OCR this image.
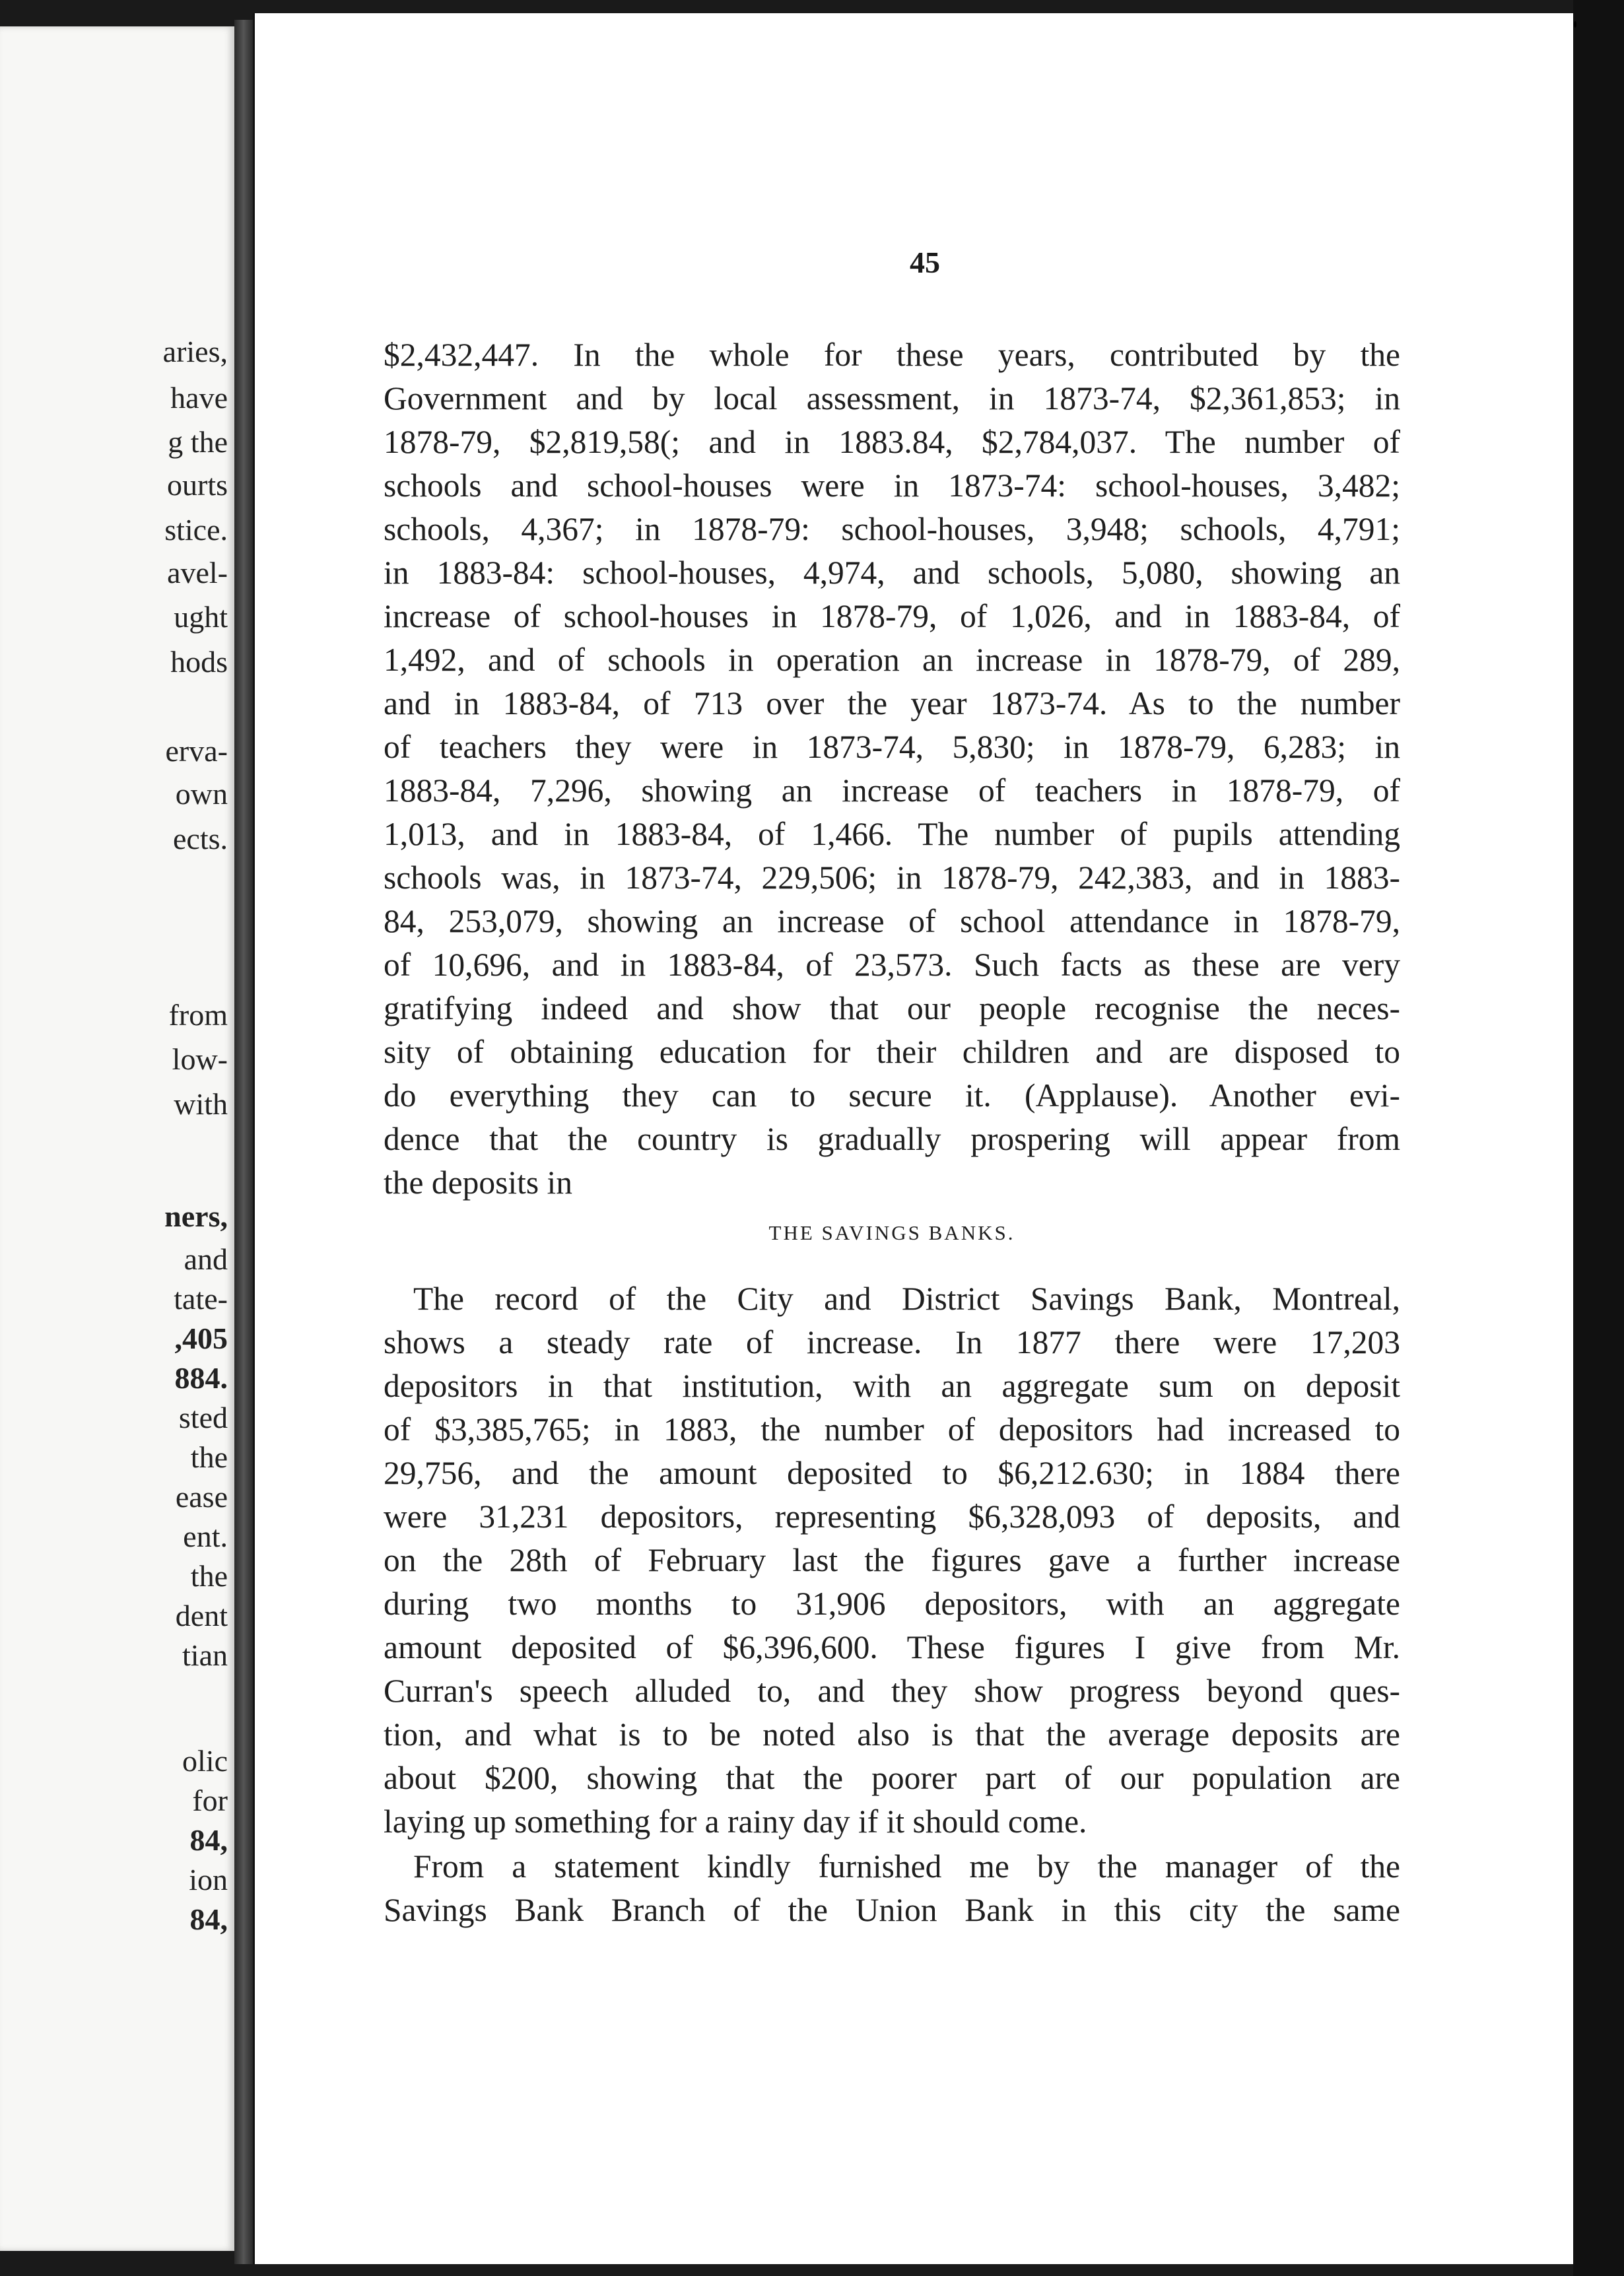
aries,
have
g the
ourts
stice.
avel-
ught
hods
erva-
own
ects.
from
low-
with
ners,
and
tate-
,405
884.
sted
the
ease
ent.
the
dent
tian
olic
for
84,
ion
84,
45
$2,432,447. In the whole for these years, contributed by the
Government and by local assessment, in 1873-74, $2,361,853; in
1878-79, $2,819,58(; and in 1883.84, $2,784,037. The number of
schools and school-houses were in 1873-74: school-houses, 3,482;
schools, 4,367; in 1878-79: school-houses, 3,948; schools, 4,791;
in 1883-84: school-houses, 4,974, and schools, 5,080, showing an
increase of school-houses in 1878-79, of 1,026, and in 1883-84, of
1,492, and of schools in operation an increase in 1878-79, of 289,
and in 1883-84, of 713 over the year 1873-74. As to the number
of teachers they were in 1873-74, 5,830; in 1878-79, 6,283; in
1883-84, 7,296, showing an increase of teachers in 1878-79, of
1,013, and in 1883-84, of 1,466. The number of pupils attending
schools was, in 1873-74, 229,506; in 1878-79, 242,383, and in 1883-
84, 253,079, showing an increase of school attendance in 1878-79,
of 10,696, and in 1883-84, of 23,573. Such facts as these are very
gratifying indeed and show that our people recognise the neces-
sity of obtaining education for their children and are disposed to
do everything they can to secure it. (Applause). Another evi-
dence that the country is gradually prospering will appear from
the deposits in
THE SAVINGS BANKS.
The record of the City and District Savings Bank, Montreal,
shows a steady rate of increase. In 1877 there were 17,203
depositors in that institution, with an aggregate sum on deposit
of $3,385,765; in 1883, the number of depositors had increased to
29,756, and the amount deposited to $6,212.630; in 1884 there
were 31,231 depositors, representing $6,328,093 of deposits, and
on the 28th of February last the figures gave a further increase
during two months to 31,906 depositors, with an aggregate
amount deposited of $6,396,600. These figures I give from Mr.
Curran's speech alluded to, and they show progress beyond ques-
tion, and what is to be noted also is that the average deposits are
about $200, showing that the poorer part of our population are
laying up something for a rainy day if it should come.
From a statement kindly furnished me by the manager of the
Savings Bank Branch of the Union Bank in this city the same
